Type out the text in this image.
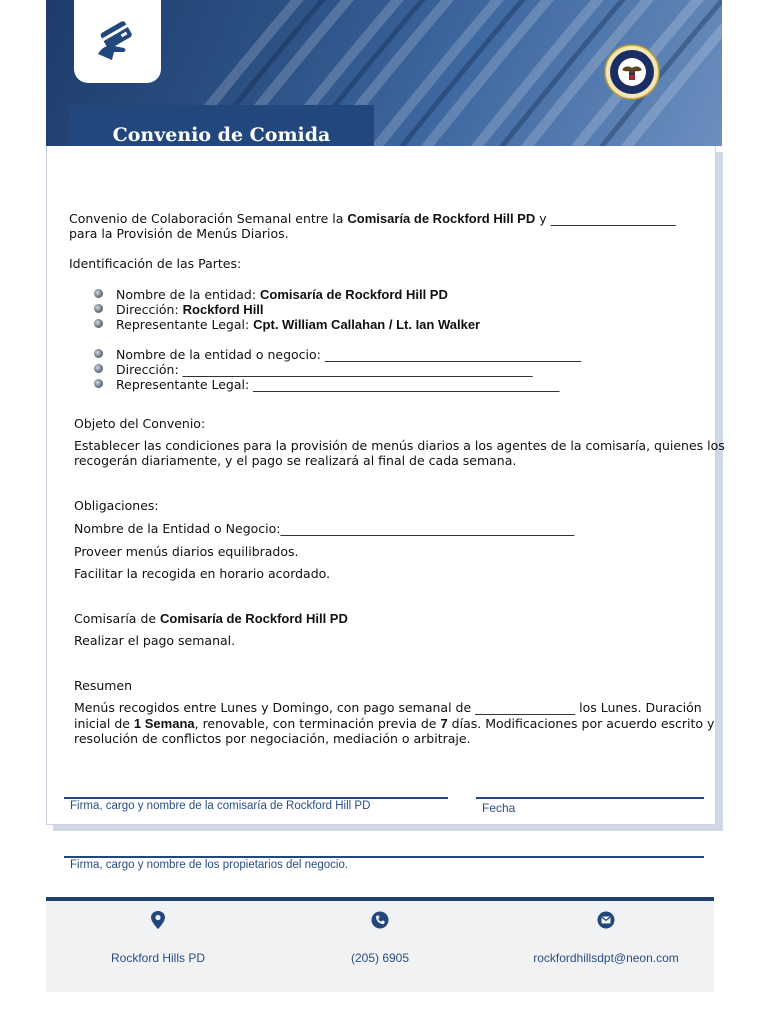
Convenio de Comida
Convenio de Colaboración Semanal entre la Comisaría de Rockford Hill PD y ____________________
para la Provisión de Menús Diarios.
Identificación de las Partes:
Nombre de la entidad: Comisaría de Rockford Hill PD
Dirección: Rockford Hill
Representante Legal: Cpt. William Callahan / Lt. Ian Walker
Nombre de la entidad o negocio: _________________________________________
Dirección: ________________________________________________________
Representante Legal: _________________________________________________
Objeto del Convenio:
Establecer las condiciones para la provisión de menús diarios a los agentes de la comisaría, quienes los
recogerán diariamente, y el pago se realizará al final de cada semana.
Obligaciones:
Nombre de la Entidad o Negocio:_______________________________________________
Proveer menús diarios equilibrados.
Facilitar la recogida en horario acordado.
Comisaría de Comisaría de Rockford Hill PD
Realizar el pago semanal.
Resumen
Menús recogidos entre Lunes y Domingo, con pago semanal de ________________ los Lunes. Duración
inicial de 1 Semana, renovable, con terminación previa de 7 días. Modificaciones por acuerdo escrito y
resolución de conflictos por negociación, mediación o arbitraje.
Firma, cargo y nombre de la comisaría de Rockford Hill PD	Fecha
Firma, cargo y nombre de los propietarios del negocio.
Rockford Hills PD	(205) 6905	rockfordhillsdpt@neon.com
